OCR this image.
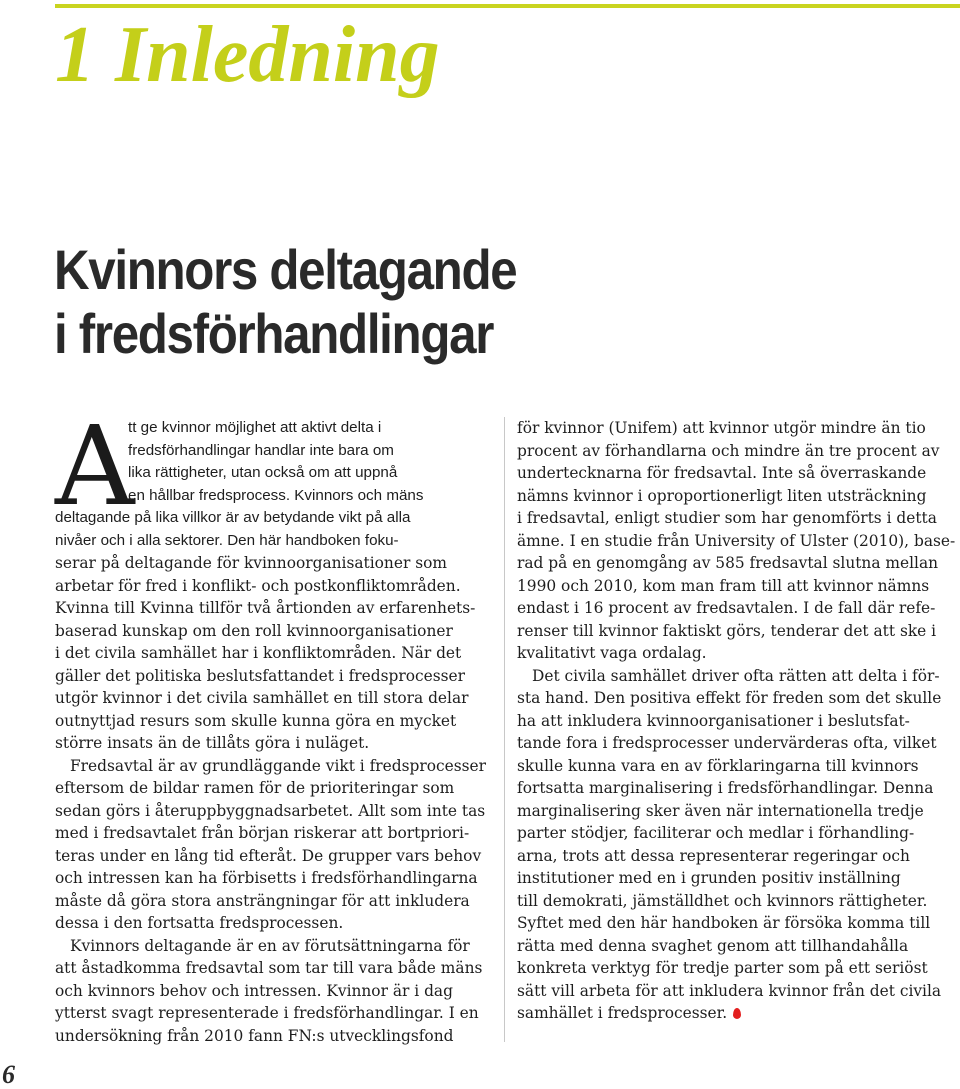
1 Inledning
Kvinnors deltagande
i fredsförhandlingar
A
tt ge kvinnor möjlighet att aktivt delta i
fredsförhandlingar handlar inte bara om
lika rättigheter, utan också om att uppnå
en hållbar fredsprocess. Kvinnors och mäns
deltagande på lika villkor är av betydande vikt på alla
nivåer och i alla sektorer. Den här handboken foku-
serar på deltagande för kvinnoorganisationer som
arbetar för fred i konflikt- och postkonfliktområden.
Kvinna till Kvinna tillför två årtionden av erfarenhets-
baserad kunskap om den roll kvinnoorganisationer
i det civila samhället har i konfliktområden. När det
gäller det politiska beslutsfattandet i fredsprocesser
utgör kvinnor i det civila samhället en till stora delar
outnyttjad resurs som skulle kunna göra en mycket
större insats än de tillåts göra i nuläget.
Fredsavtal är av grundläggande vikt i fredsprocesser
eftersom de bildar ramen för de prioriteringar som
sedan görs i återuppbyggnadsarbetet. Allt som inte tas
med i fredsavtalet från början riskerar att bortpriori-
teras under en lång tid efteråt. De grupper vars behov
och intressen kan ha förbisetts i fredsförhandlingarna
måste då göra stora ansträngningar för att inkludera
dessa i den fortsatta fredsprocessen.
Kvinnors deltagande är en av förutsättningarna för
att åstadkomma fredsavtal som tar till vara både mäns
och kvinnors behov och intressen. Kvinnor är i dag
ytterst svagt representerade i fredsförhandlingar. I en
undersökning från 2010 fann FN:s utvecklingsfond
för kvinnor (Unifem) att kvinnor utgör mindre än tio
procent av förhandlarna och mindre än tre procent av
undertecknarna för fredsavtal. Inte så överraskande
nämns kvinnor i oproportionerligt liten utsträckning
i fredsavtal, enligt studier som har genomförts i detta
ämne. I en studie från University of Ulster (2010), base-
rad på en genomgång av 585 fredsavtal slutna mellan
1990 och 2010, kom man fram till att kvinnor nämns
endast i 16 procent av fredsavtalen. I de fall där refe-
renser till kvinnor faktiskt görs, tenderar det att ske i
kvalitativt vaga ordalag.
Det civila samhället driver ofta rätten att delta i för-
sta hand. Den positiva effekt för freden som det skulle
ha att inkludera kvinnoorganisationer i beslutsfat-
tande fora i fredsprocesser undervärderas ofta, vilket
skulle kunna vara en av förklaringarna till kvinnors
fortsatta marginalisering i fredsförhandlingar. Denna
marginalisering sker även när internationella tredje
parter stödjer, faciliterar och medlar i förhandling-
arna, trots att dessa representerar regeringar och
institutioner med en i grunden positiv inställning
till demokrati, jämställdhet och kvinnors rättigheter.
Syftet med den här handboken är försöka komma till
rätta med denna svaghet genom att tillhandahålla
konkreta verktyg för tredje parter som på ett seriöst
sätt vill arbeta för att inkludera kvinnor från det civila
samhället i fredsprocesser.
6
